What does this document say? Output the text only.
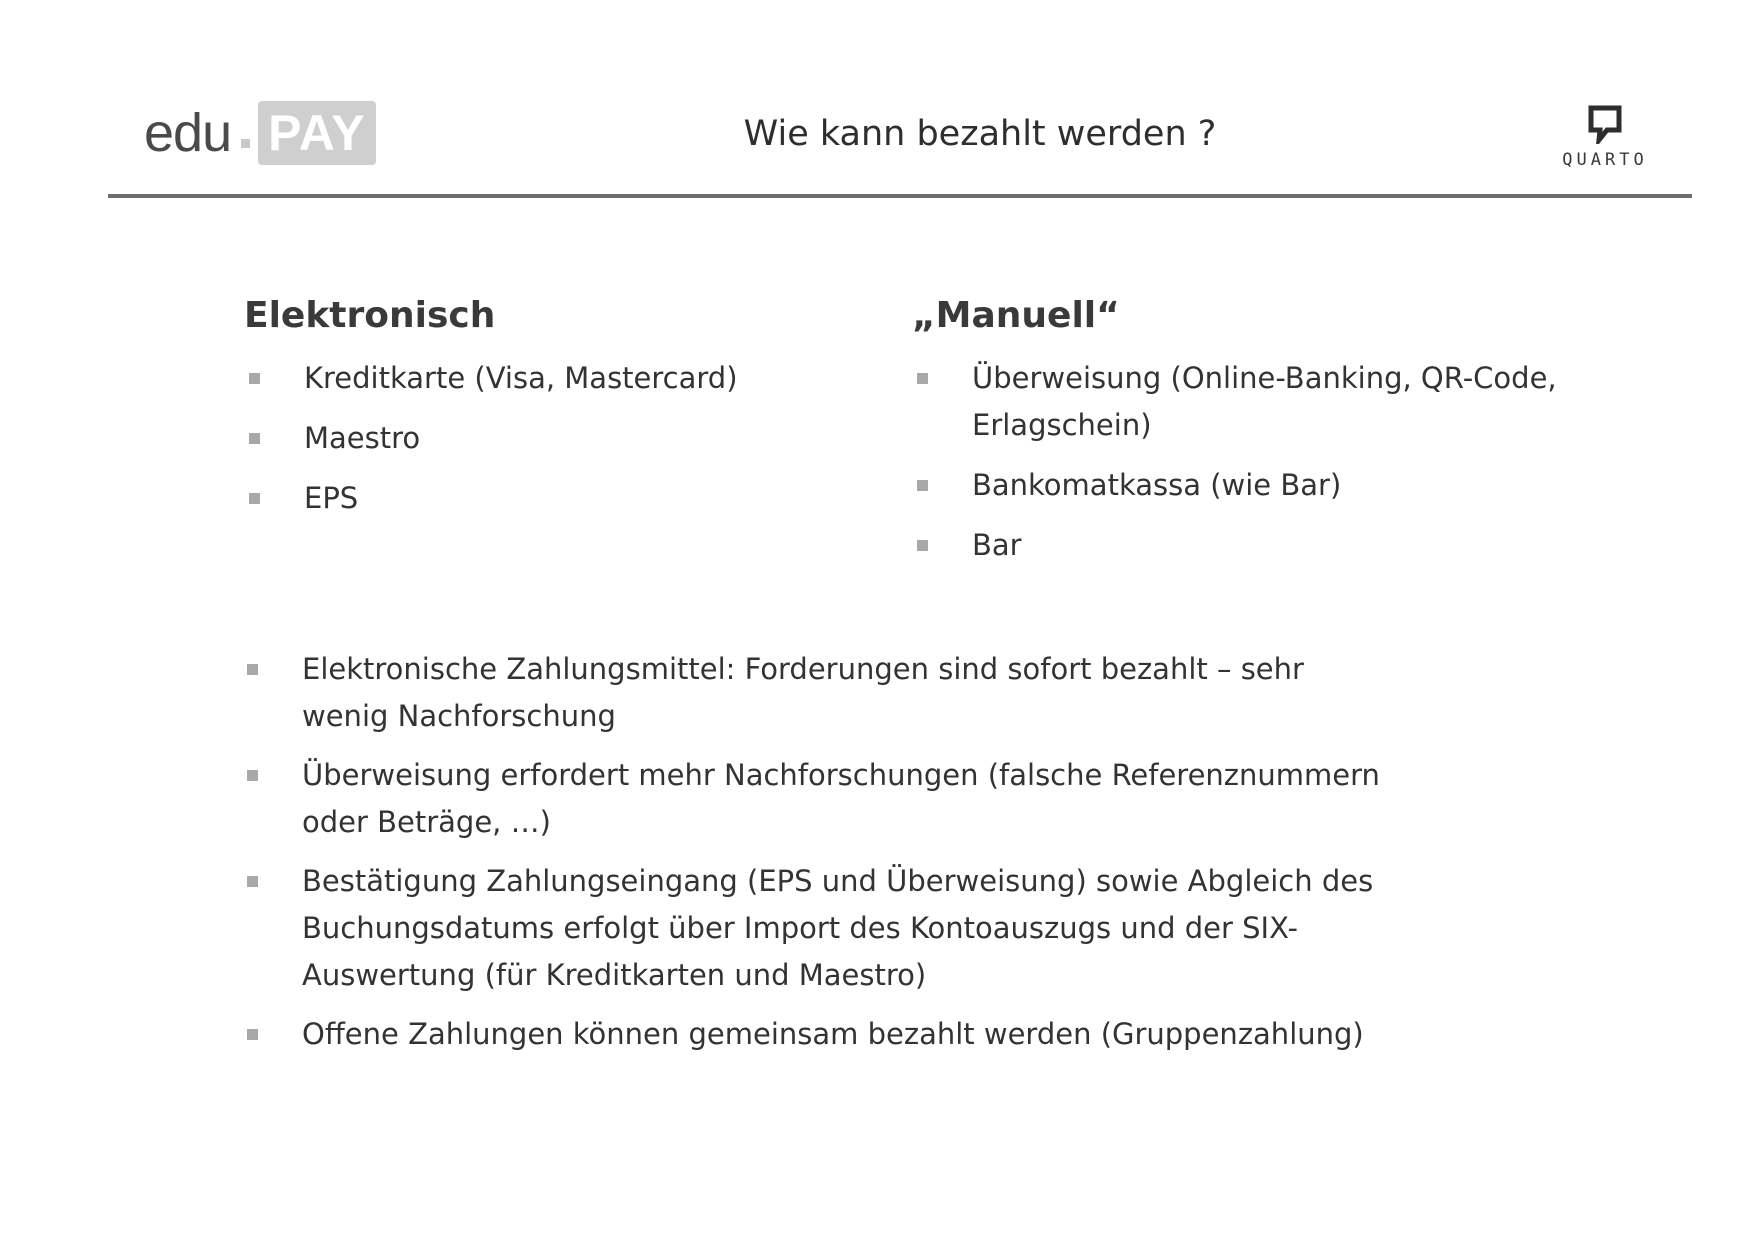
edu PAY	Wie kann bezahlt werden ?
QUARTO
Elektronisch
Kreditkarte (Visa, Mastercard)
Maestro
EPS
„Manuell“
Überweisung (Online-Banking, QR-Code, Erlagschein)
Bankomatkassa (wie Bar)
Bar
Elektronische Zahlungsmittel: Forderungen sind sofort bezahlt – sehr wenig Nachforschung
Überweisung erfordert mehr Nachforschungen (falsche Referenznummern oder Beträge, …)
Bestätigung Zahlungseingang (EPS und Überweisung) sowie Abgleich des Buchungsdatums erfolgt über Import des Kontoauszugs und der SIX-Auswertung (für Kreditkarten und Maestro)
Offene Zahlungen können gemeinsam bezahlt werden (Gruppenzahlung)
